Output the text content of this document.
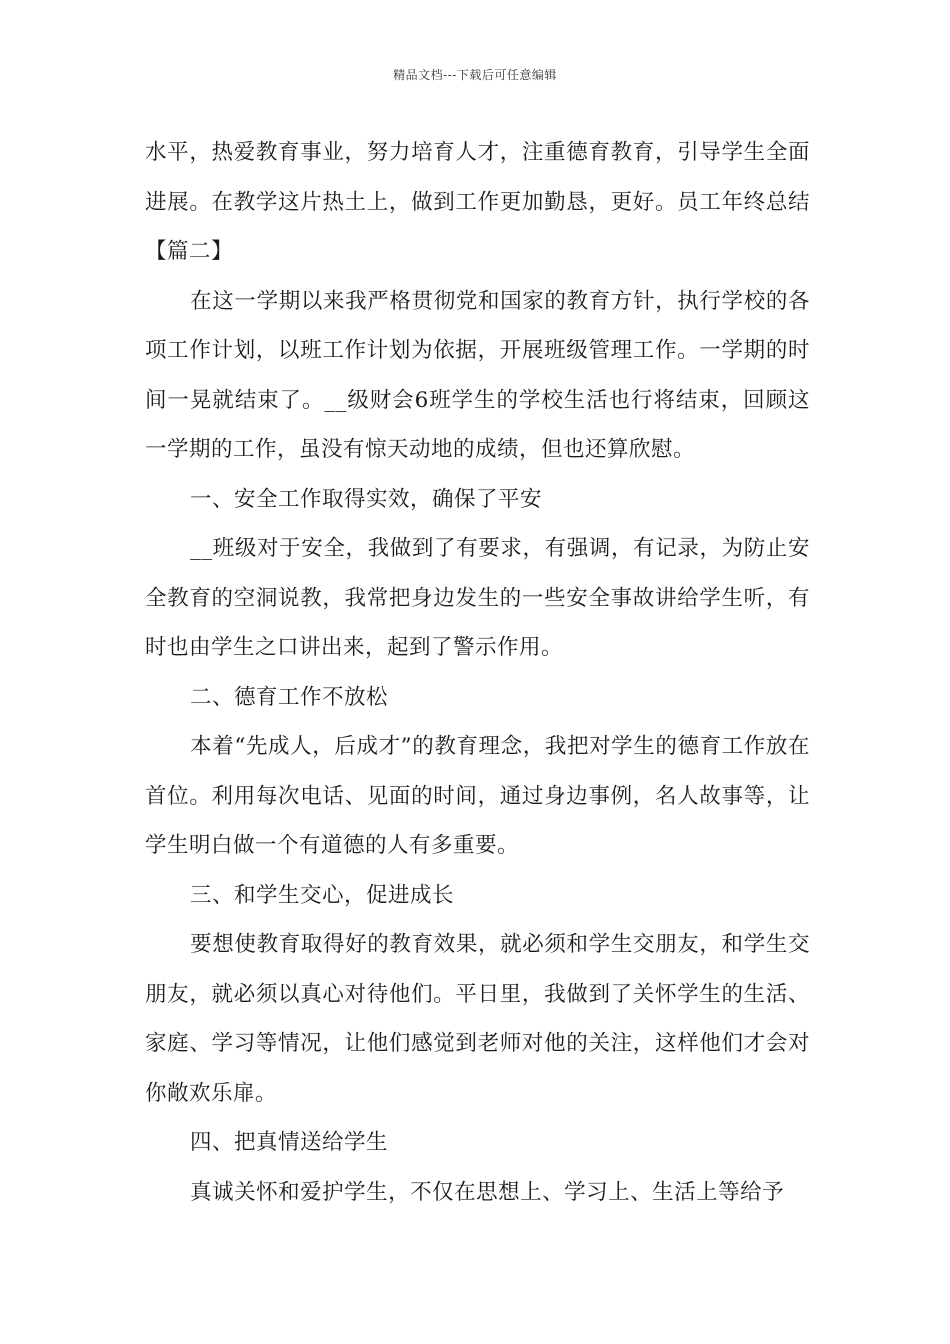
精品文档---下载后可任意编辑

水平，热爱教育事业，努力培育人才，注重德育教育，引导学生全面进展。在教学这片热土上，做到工作更加勤恳，更好。员工年终总结【篇二】

在这一学期以来我严格贯彻党和国家的教育方针，执行学校的各项工作计划，以班工作计划为依据，开展班级管理工作。一学期的时间一晃就结束了。__级财会6班学生的学校生活也行将结束，回顾这一学期的工作，虽没有惊天动地的成绩，但也还算欣慰。

一、安全工作取得实效，确保了平安

__班级对于安全，我做到了有要求，有强调，有记录，为防止安全教育的空洞说教，我常把身边发生的一些安全事故讲给学生听，有时也由学生之口讲出来，起到了警示作用。

二、德育工作不放松

本着“先成人，后成才”的教育理念，我把对学生的德育工作放在首位。利用每次电话、见面的时间，通过身边事例，名人故事等，让学生明白做一个有道德的人有多重要。

三、和学生交心，促进成长

要想使教育取得好的教育效果，就必须和学生交朋友，和学生交朋友，就必须以真心对待他们。平日里，我做到了关怀学生的生活、家庭、学习等情况，让他们感觉到老师对他的关注，这样他们才会对你敞欢乐扉。

四、把真情送给学生

真诚关怀和爱护学生，不仅在思想上、学习上、生活上等给予
